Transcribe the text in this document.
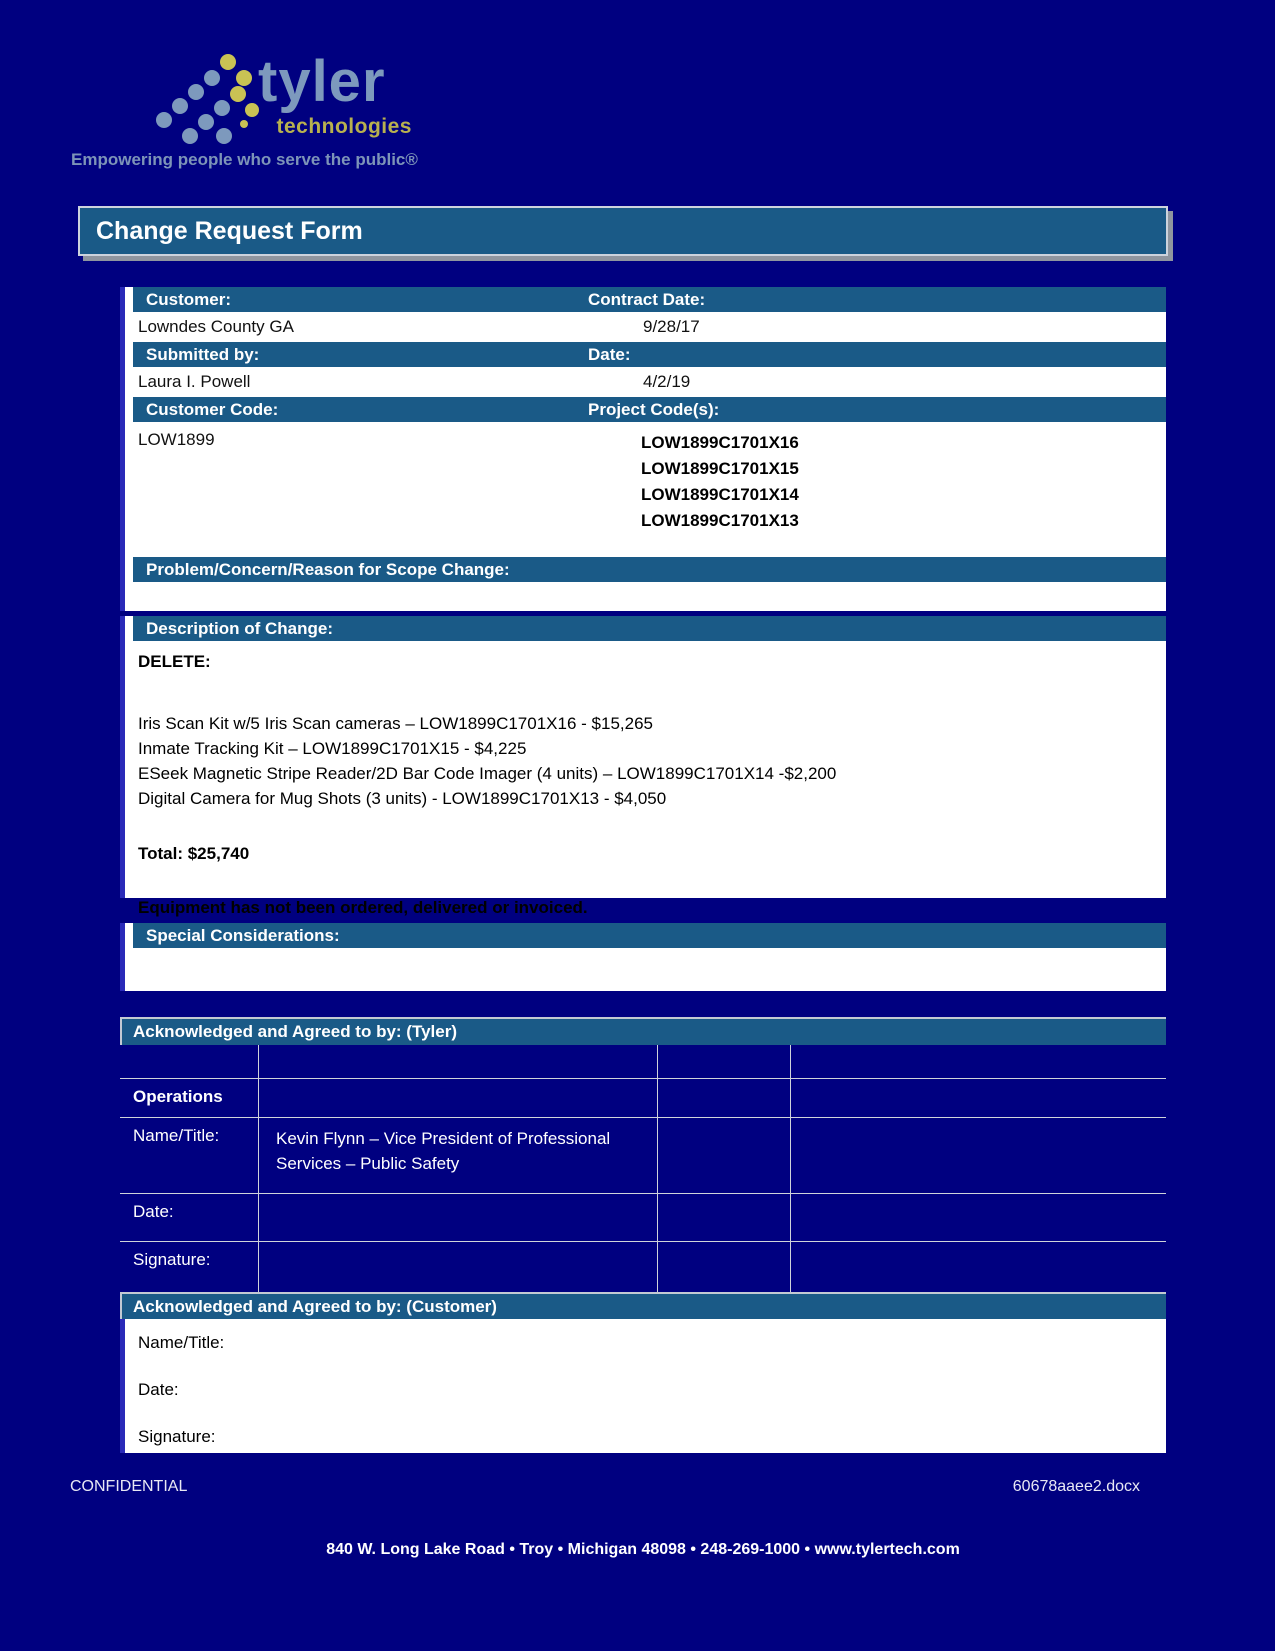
tyler
technologies
Empowering people who serve the public®
Change Request Form
Customer:	Contract Date:
Lowndes County GA	9/28/17
Submitted by:	Date:
Laura I. Powell	4/2/19
Customer Code:	Project Code(s):
LOW1899	LOW1899C1701X16
LOW1899C1701X15
LOW1899C1701X14
LOW1899C1701X13
Problem/Concern/Reason for Scope Change:
Description of Change:

DELETE:

Iris Scan Kit w/5 Iris Scan cameras – LOW1899C1701X16 - $15,265

Inmate Tracking Kit – LOW1899C1701X15 - $4,225

ESeek Magnetic Stripe Reader/2D Bar Code Imager (4 units) – LOW1899C1701X14 -$2,200

Digital Camera for Mug Shots (3 units) - LOW1899C1701X13 - $4,050

Total: $25,740

Equipment has not been ordered, delivered or invoiced.

Special Considerations:
Acknowledged and Agreed to by: (Tyler)
Operations
Name/Title:	Kevin Flynn – Vice President of Professional Services – Public Safety
Date:
Signature:
Acknowledged and Agreed to by: (Customer)

Name/Title:

Date:

Signature:

CONFIDENTIAL	60678aaee2.docx
840 W. Long Lake Road • Troy • Michigan 48098 • 248-269-1000 • www.tylertech.com
